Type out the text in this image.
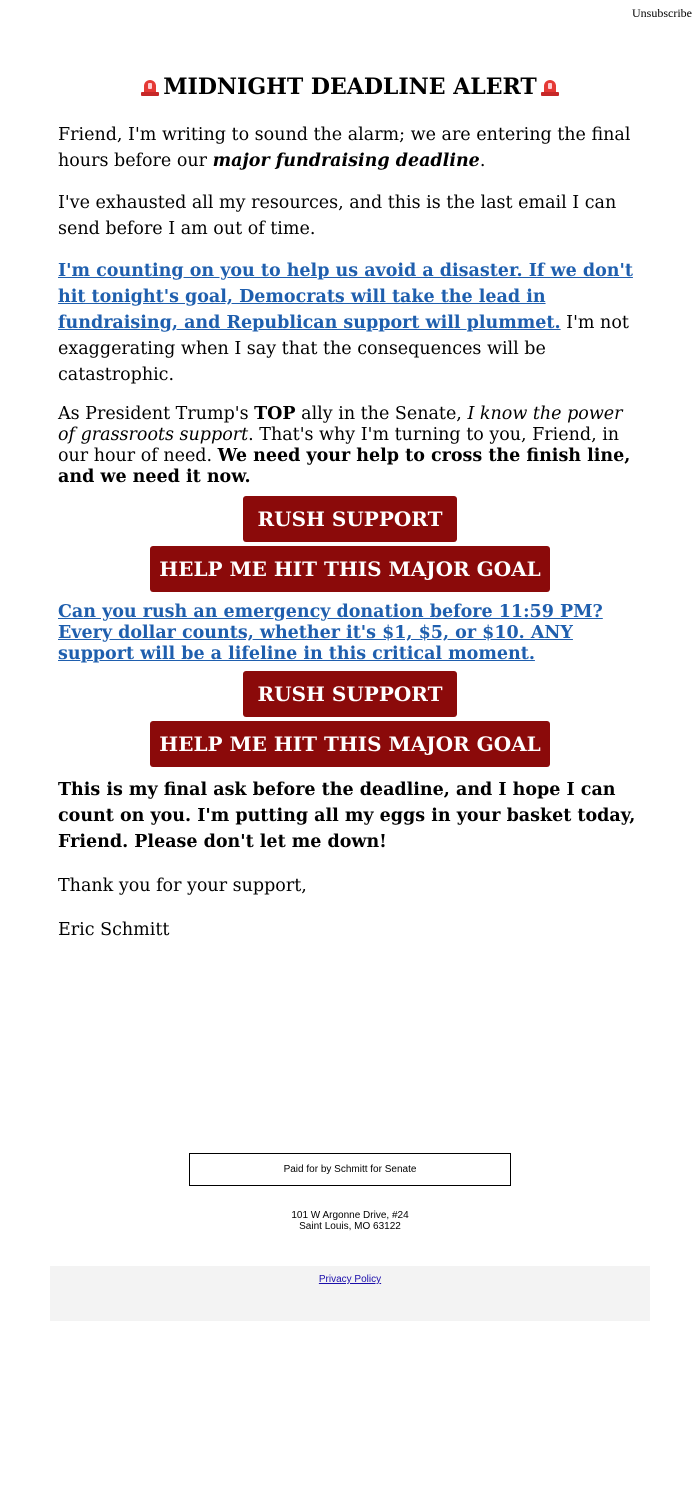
Unsubscribe
MIDNIGHT DEADLINE ALERT

Friend, I'm writing to sound the alarm; we are entering the final hours before our major fundraising deadline.

I've exhausted all my resources, and this is the last email I can send before I am out of time.

I'm counting on you to help us avoid a disaster. If we don't hit tonight's goal, Democrats will take the lead in fundraising, and Republican support will plummet. I'm not exaggerating when I say that the consequences will be catastrophic.

As President Trump's TOP ally in the Senate, I know the power of grassroots support. That's why I'm turning to you, Friend, in our hour of need. We need your help to cross the finish line, and we need it now.

RUSH SUPPORT
HELP ME HIT THIS MAJOR GOAL

Can you rush an emergency donation before 11:59 PM? Every dollar counts, whether it's $1, $5, or $10. ANY support will be a lifeline in this critical moment.

RUSH SUPPORT
HELP ME HIT THIS MAJOR GOAL

This is my final ask before the deadline, and I hope I can count on you. I'm putting all my eggs in your basket today, Friend. Please don't let me down!

Thank you for your support,

Eric Schmitt

Paid for by Schmitt for Senate
101 W Argonne Drive, #24
Saint Louis, MO 63122
Privacy Policy
